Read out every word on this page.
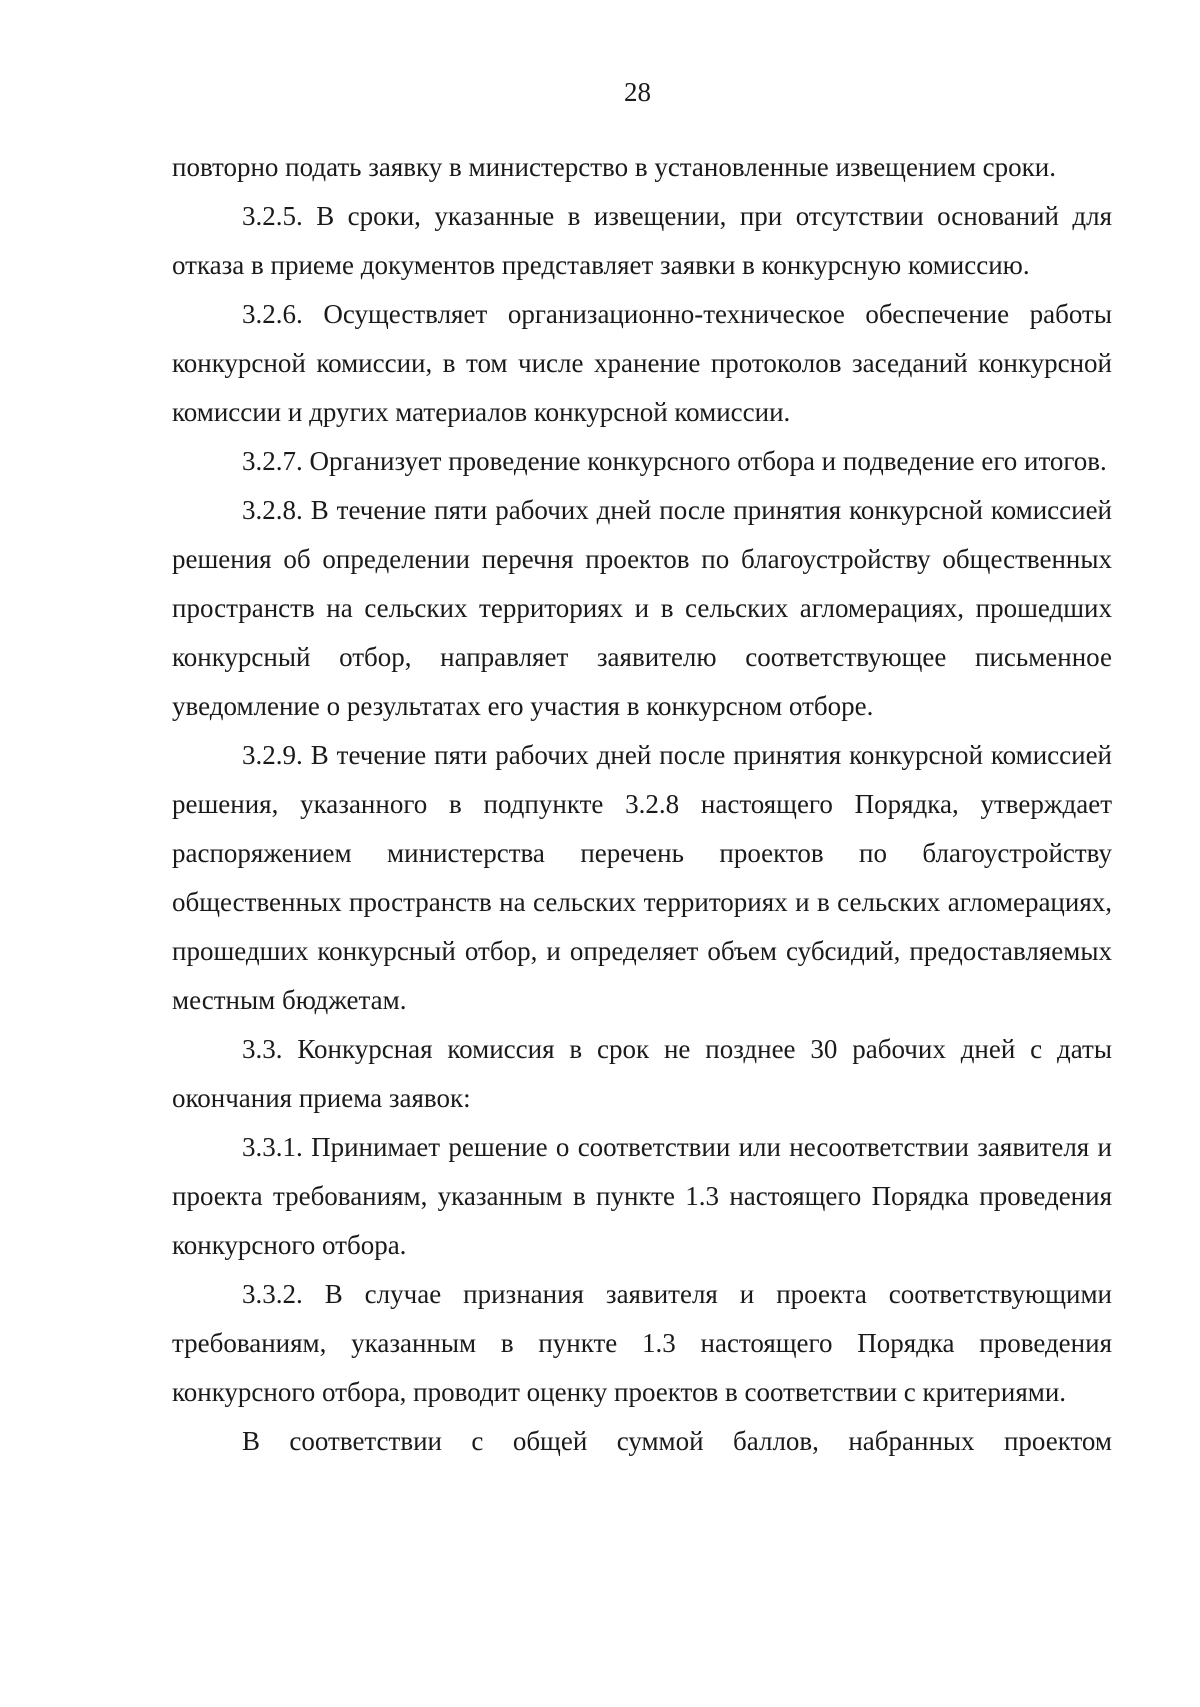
28

повторно подать заявку в министерство в установленные извещением сроки.

3.2.5. В сроки, указанные в извещении, при отсутствии оснований для отказа в приеме документов представляет заявки в конкурсную комиссию.

3.2.6. Осуществляет организационно-техническое обеспечение работы конкурсной комиссии, в том числе хранение протоколов заседаний конкурсной комиссии и других материалов конкурсной комиссии.

3.2.7. Организует проведение конкурсного отбора и подведение его итогов.

3.2.8. В течение пяти рабочих дней после принятия конкурсной комиссией решения об определении перечня проектов по благоустройству общественных пространств на сельских территориях и в сельских агломерациях, прошедших конкурсный отбор, направляет заявителю соответствующее письменное уведомление о результатах его участия в конкурсном отборе.

3.2.9. В течение пяти рабочих дней после принятия конкурсной комиссией решения, указанного в подпункте 3.2.8 настоящего Порядка, утверждает распоряжением министерства перечень проектов по благоустройству общественных пространств на сельских территориях и в сельских агломерациях, прошедших конкурсный отбор, и определяет объем субсидий, предоставляемых местным бюджетам.

3.3. Конкурсная комиссия в срок не позднее 30 рабочих дней с даты окончания приема заявок:

3.3.1. Принимает решение о соответствии или несоответствии заявителя и проекта требованиям, указанным в пункте 1.3 настоящего Порядка проведения конкурсного отбора.

3.3.2. В случае признания заявителя и проекта соответствующими требованиям, указанным в пункте 1.3 настоящего Порядка проведения конкурсного отбора, проводит оценку проектов в соответствии с критериями.

В соответствии с общей суммой баллов, набранных проектом
